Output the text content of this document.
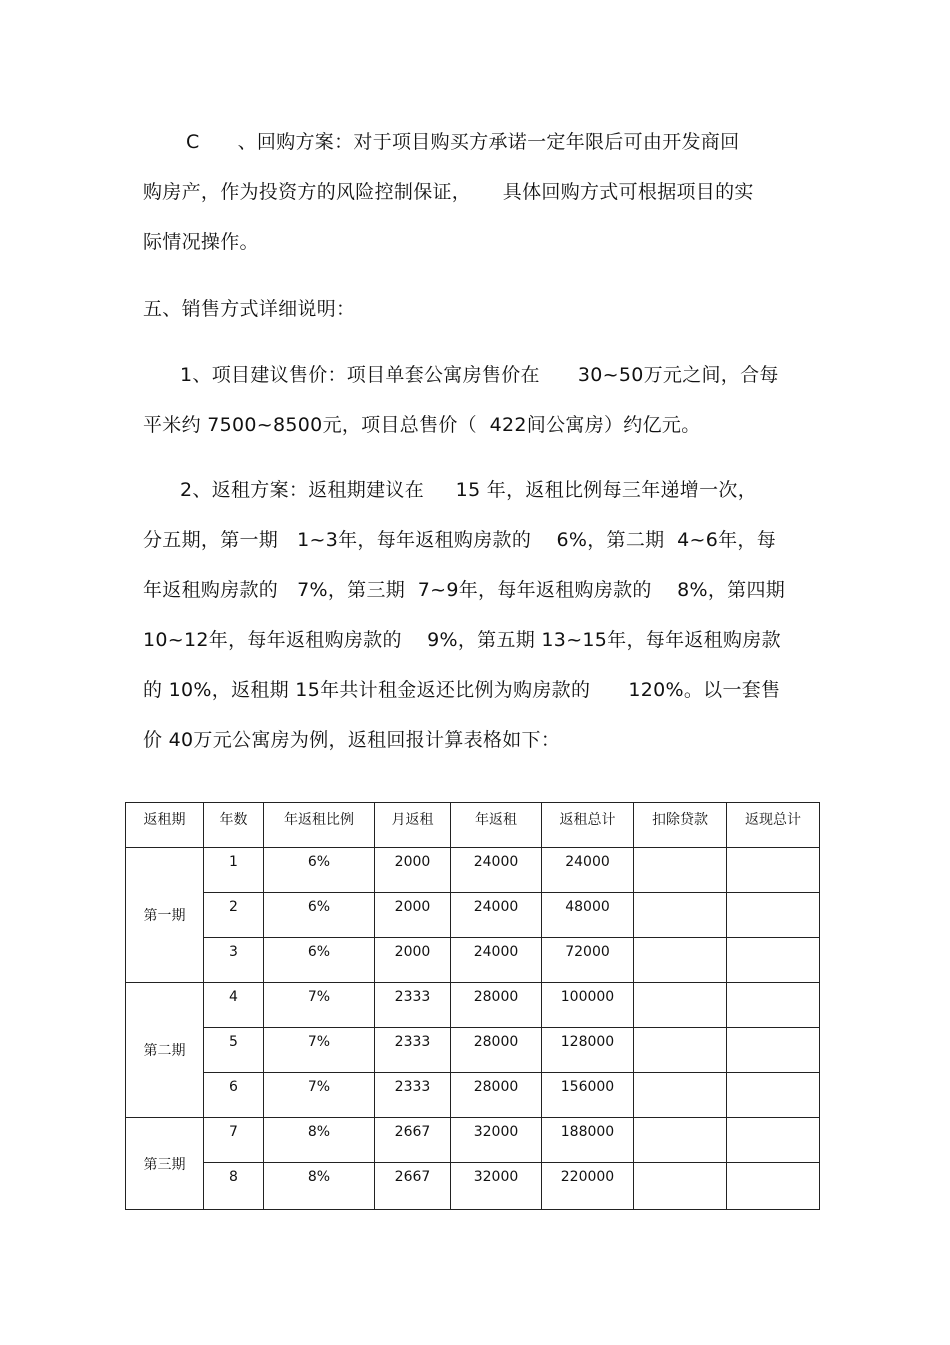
C      、回购方案：对于项目购买方承诺一定年限后可由开发商回
购房产，作为投资方的风险控制保证，     具体回购方式可根据项目的实
际情况操作。
五、销售方式详细说明：
1、项目建议售价：项目单套公寓房售价在      30~50万元之间，合每
平米约 7500~8500元，项目总售价（  422间公寓房）约亿元。
2、返租方案：返租期建议在     15 年，返租比例每三年递增一次，
分五期，第一期   1~3年，每年返租购房款的    6%，第二期  4~6年，每
年返租购房款的   7%，第三期  7~9年，每年返租购房款的    8%，第四期
10~12年，每年返租购房款的    9%，第五期 13~15年，每年返租购房款
的 10%，返租期 15年共计租金返还比例为购房款的      120%。以一套售
价 40万元公寓房为例，返租回报计算表格如下：
返租期	年数	年返租比例	月返租	年返租	返租总计	扣除贷款	返现总计
第一期	1	6%	2000	24000	24000		
	2	6%	2000	24000	48000		
	3	6%	2000	24000	72000		
第二期	4	7%	2333	28000	100000		
	5	7%	2333	28000	128000		
	6	7%	2333	28000	156000		
第三期	7	8%	2667	32000	188000		
	8	8%	2667	32000	220000		
